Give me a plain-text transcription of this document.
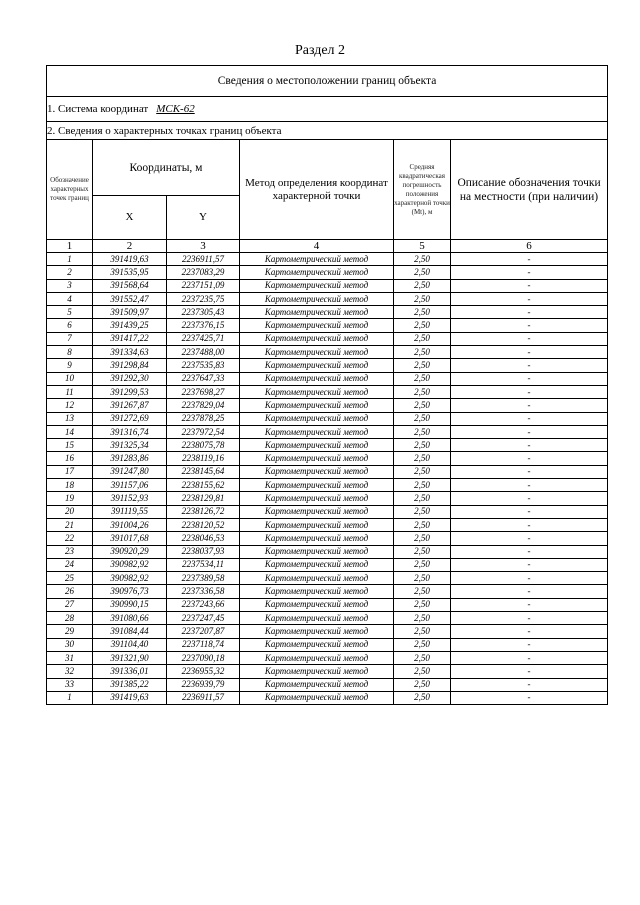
Раздел 2
Сведения о местоположении границ объекта					
1. Система координат МСК-62					
2. Сведения о характерных точках границ объекта					
Обозначение характерных точек границ	Координаты, м		Метод определения координат характерной точки	Средняя квадратическая погрешность положения характерной точки (Mt), м	Описание обозначения точки на местности (при наличии)
	X	Y			
1	2	3	4	5	6
1	391419,63	2236911,57	Картометрический метод	2,50	-
2	391535,95	2237083,29	Картометрический метод	2,50	-
3	391568,64	2237151,09	Картометрический метод	2,50	-
4	391552,47	2237235,75	Картометрический метод	2,50	-
5	391509,97	2237305,43	Картометрический метод	2,50	-
6	391439,25	2237376,15	Картометрический метод	2,50	-
7	391417,22	2237425,71	Картометрический метод	2,50	-
8	391334,63	2237488,00	Картометрический метод	2,50	-
9	391298,84	2237535,83	Картометрический метод	2,50	-
10	391292,30	2237647,33	Картометрический метод	2,50	-
11	391299,53	2237698,27	Картометрический метод	2,50	-
12	391267,87	2237829,04	Картометрический метод	2,50	-
13	391272,69	2237878,25	Картометрический метод	2,50	-
14	391316,74	2237972,54	Картометрический метод	2,50	-
15	391325,34	2238075,78	Картометрический метод	2,50	-
16	391283,86	2238119,16	Картометрический метод	2,50	-
17	391247,80	2238145,64	Картометрический метод	2,50	-
18	391157,06	2238155,62	Картометрический метод	2,50	-
19	391152,93	2238129,81	Картометрический метод	2,50	-
20	391119,55	2238126,72	Картометрический метод	2,50	-
21	391004,26	2238120,52	Картометрический метод	2,50	-
22	391017,68	2238046,53	Картометрический метод	2,50	-
23	390920,29	2238037,93	Картометрический метод	2,50	-
24	390982,92	2237534,11	Картометрический метод	2,50	-
25	390982,92	2237389,58	Картометрический метод	2,50	-
26	390976,73	2237336,58	Картометрический метод	2,50	-
27	390990,15	2237243,66	Картометрический метод	2,50	-
28	391080,66	2237247,45	Картометрический метод	2,50	-
29	391084,44	2237207,87	Картометрический метод	2,50	-
30	391104,40	2237118,74	Картометрический метод	2,50	-
31	391321,90	2237090,18	Картометрический метод	2,50	-
32	391336,01	2236955,32	Картометрический метод	2,50	-
33	391385,22	2236939,79	Картометрический метод	2,50	-
1	391419,63	2236911,57	Картометрический метод	2,50	-
